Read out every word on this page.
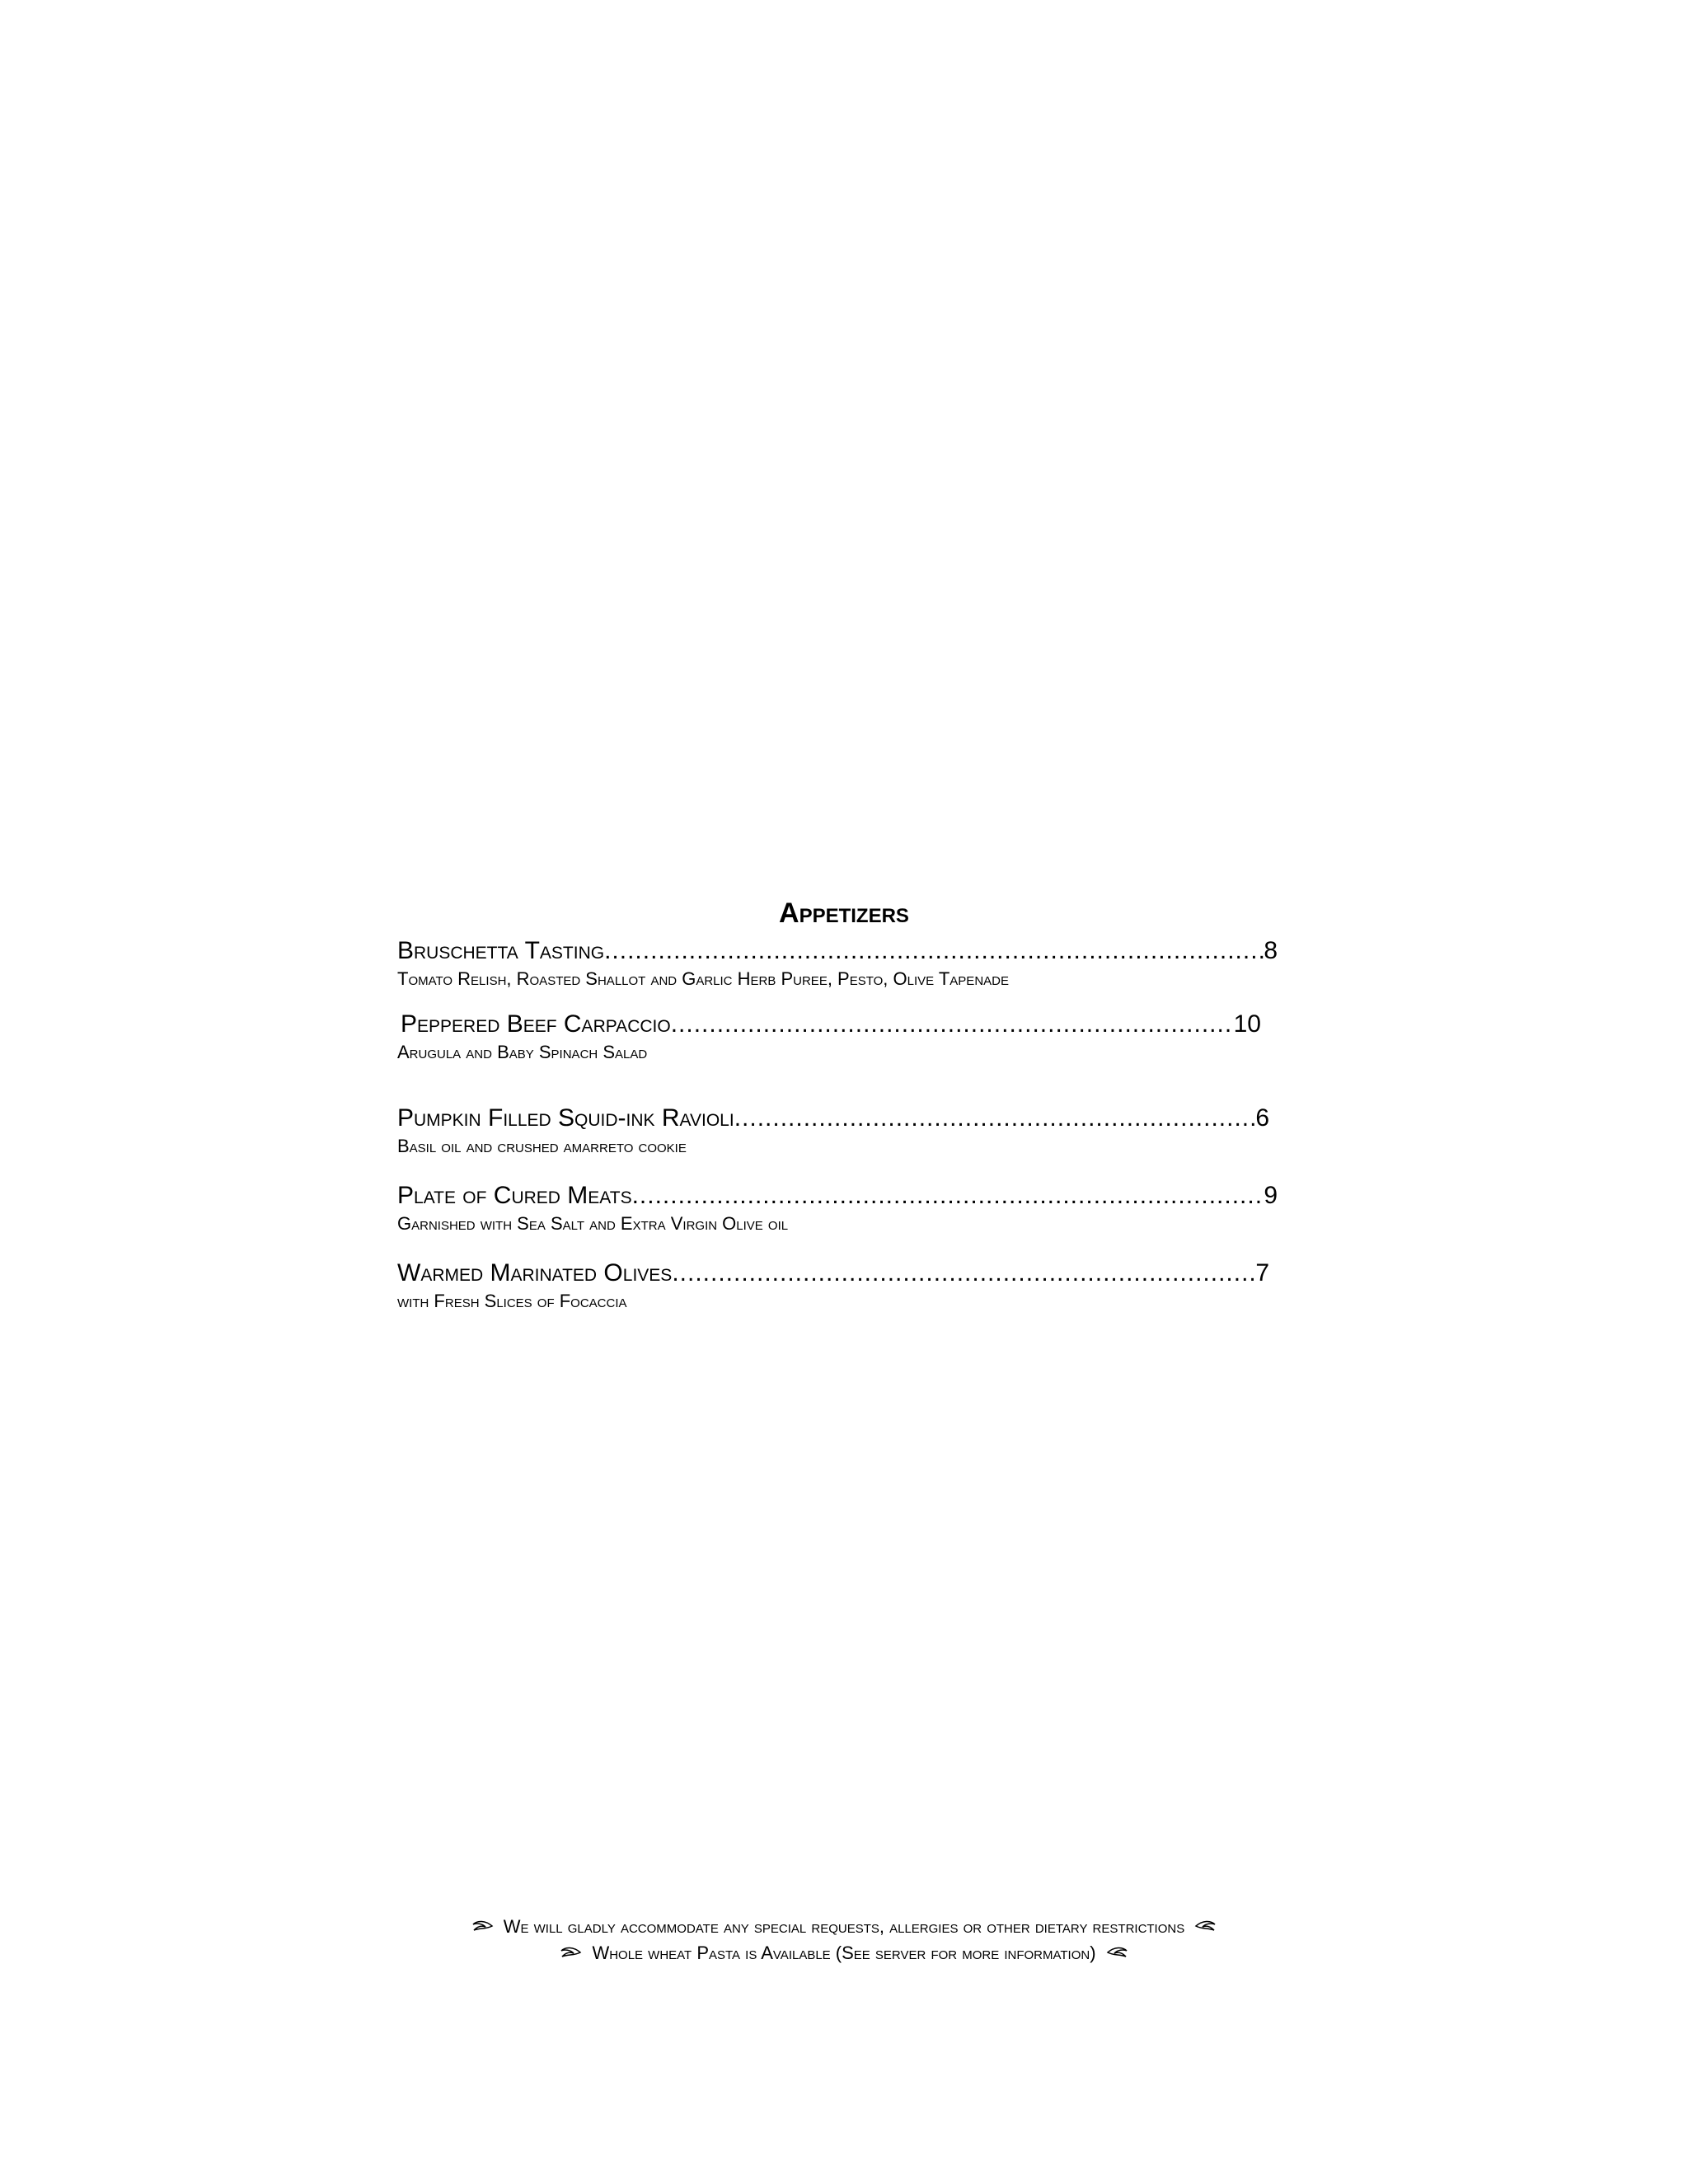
Appetizers
Bruschetta Tasting .....	8
Tomato Relish, Roasted Shallot and Garlic Herb Puree, Pesto, Olive Tapenade
Peppered Beef Carpaccio .....	10
Arugula and Baby Spinach Salad
Pumpkin Filled Squid-ink Ravioli .....	6
Basil oil and crushed amarreto cookie
Plate of Cured Meats .....	9
Garnished with Sea Salt and Extra Virgin Olive oil
Warmed Marinated Olives .....	7
with Fresh Slices of Focaccia
We will gladly accommodate any special requests, allergies or other dietary restrictions
Whole wheat Pasta is Available (See server for more information)
